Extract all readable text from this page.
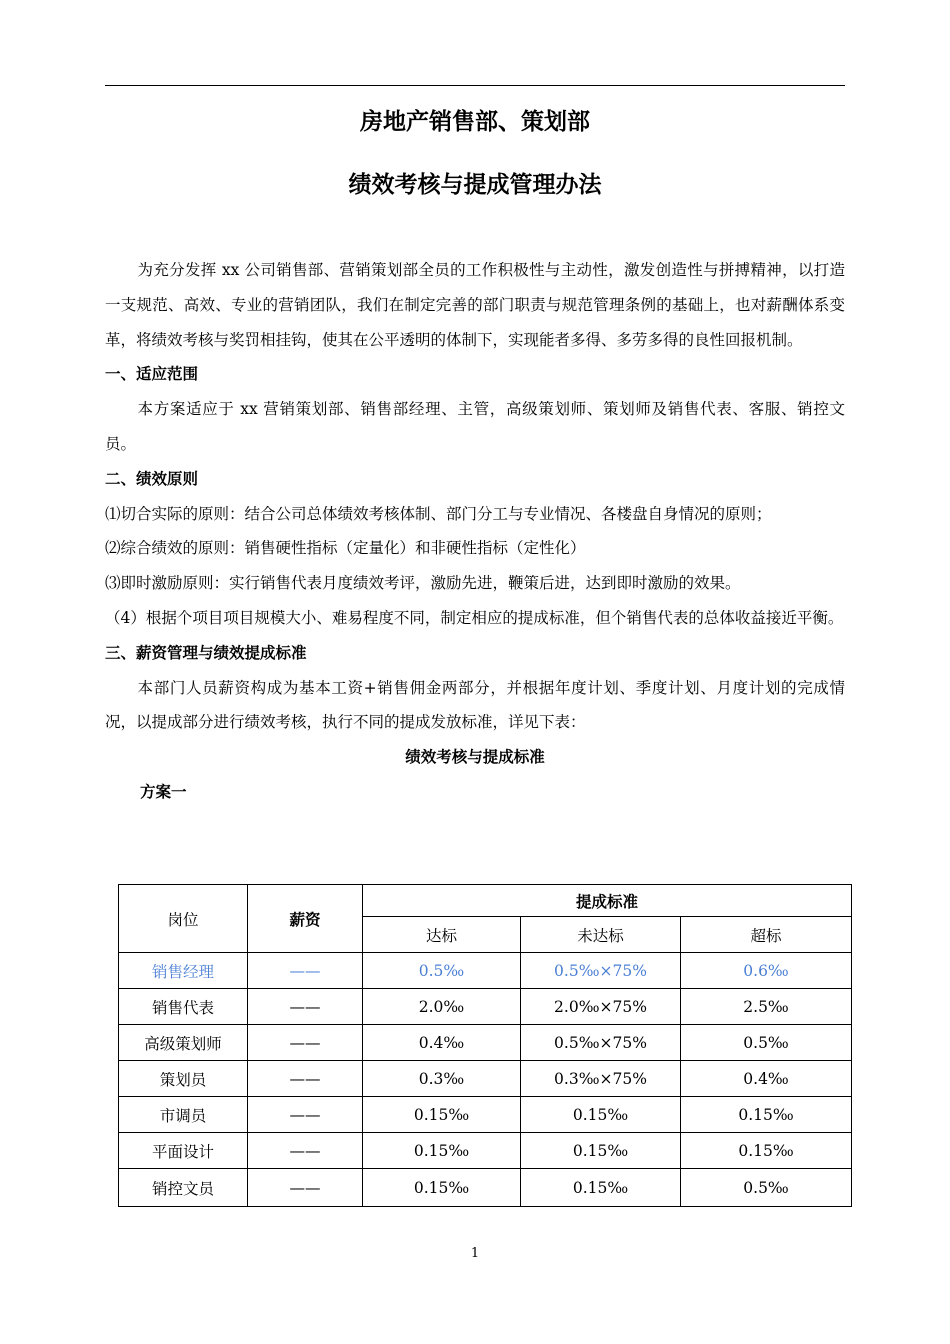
房地产销售部、策划部
绩效考核与提成管理办法

为充分发挥 xx 公司销售部、营销策划部全员的工作积极性与主动性，激发创造性与拼搏精神，以打造一支规范、高效、专业的营销团队，我们在制定完善的部门职责与规范管理条例的基础上，也对薪酬体系变革，将绩效考核与奖罚相挂钩，使其在公平透明的体制下，实现能者多得、多劳多得的良性回报机制。

一、适应范围

本方案适应于 xx 营销策划部、销售部经理、主管，高级策划师、策划师及销售代表、客服、销控文员。

二、绩效原则

⑴切合实际的原则：结合公司总体绩效考核体制、部门分工与专业情况、各楼盘自身情况的原则；

⑵综合绩效的原则：销售硬性指标（定量化）和非硬性指标（定性化）

⑶即时激励原则：实行销售代表月度绩效考评，激励先进，鞭策后进，达到即时激励的效果。

（4）根据个项目项目规模大小、难易程度不同，制定相应的提成标准，但个销售代表的总体收益接近平衡。

三、薪资管理与绩效提成标准

本部门人员薪资构成为基本工资+销售佣金两部分，并根据年度计划、季度计划、月度计划的完成情况，以提成部分进行绩效考核，执行不同的提成发放标准，详见下表：

绩效考核与提成标准

方案一

岗位	薪资	提成标准		
		达标	未达标	超标
销售经理	——	0.5‰	0.5‰×75%	0.6‰
销售代表	——	2.0‰	2.0‰×75%	2.5‰
高级策划师	——	0.4‰	0.5‰×75%	0.5‰
策划员	——	0.3‰	0.3‰×75%	0.4‰
市调员	——	0.15‰	0.15‰	0.15‰
平面设计	——	0.15‰	0.15‰	0.15‰
销控文员	——	0.15‰	0.15‰	0.5‰
1
